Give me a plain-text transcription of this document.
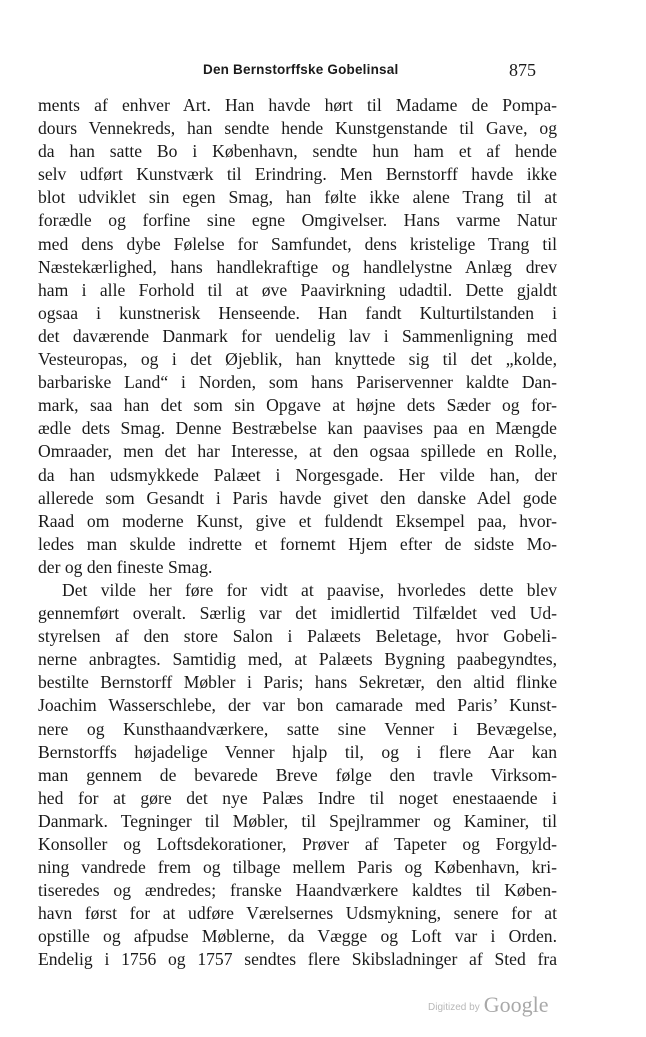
Den Bernstorffske Gobelinsal	875
ments af enhver Art. Han havde hørt til Madame de Pompa-
dours Vennekreds, han sendte hende Kunstgenstande til Gave, og
da han satte Bo i København, sendte hun ham et af hende
selv udført Kunstværk til Erindring. Men Bernstorff havde ikke
blot udviklet sin egen Smag, han følte ikke alene Trang til at
forædle og forfine sine egne Omgivelser. Hans varme Natur
med dens dybe Følelse for Samfundet, dens kristelige Trang til
Næstekærlighed, hans handlekraftige og handlelystne Anlæg drev
ham i alle Forhold til at øve Paavirkning udadtil. Dette gjaldt
ogsaa i kunstnerisk Henseende. Han fandt Kulturtilstanden i
det daværende Danmark for uendelig lav i Sammenligning med
Vesteuropas, og i det Øjeblik, han knyttede sig til det „kolde,
barbariske Land“ i Norden, som hans Pariservenner kaldte Dan-
mark, saa han det som sin Opgave at højne dets Sæder og for-
ædle dets Smag. Denne Bestræbelse kan paavises paa en Mængde
Omraader, men det har Interesse, at den ogsaa spillede en Rolle,
da han udsmykkede Palæet i Norgesgade. Her vilde han, der
allerede som Gesandt i Paris havde givet den danske Adel gode
Raad om moderne Kunst, give et fuldendt Eksempel paa, hvor-
ledes man skulde indrette et fornemt Hjem efter de sidste Mo-
der og den fineste Smag.
Det vilde her føre for vidt at paavise, hvorledes dette blev
gennemført overalt. Særlig var det imidlertid Tilfældet ved Ud-
styrelsen af den store Salon i Palæets Beletage, hvor Gobeli-
nerne anbragtes. Samtidig med, at Palæets Bygning paabegyndtes,
bestilte Bernstorff Møbler i Paris; hans Sekretær, den altid flinke
Joachim Wasserschlebe, der var bon camarade med Paris’ Kunst-
nere og Kunsthaandværkere, satte sine Venner i Bevægelse,
Bernstorffs højadelige Venner hjalp til, og i flere Aar kan
man gennem de bevarede Breve følge den travle Virksom-
hed for at gøre det nye Palæs Indre til noget enestaaende i
Danmark. Tegninger til Møbler, til Spejlrammer og Kaminer, til
Konsoller og Loftsdekorationer, Prøver af Tapeter og Forgyld-
ning vandrede frem og tilbage mellem Paris og København, kri-
tiseredes og ændredes; franske Haandværkere kaldtes til Køben-
havn først for at udføre Værelsernes Udsmykning, senere for at
opstille og afpudse Møblerne, da Vægge og Loft var i Orden.
Endelig i 1756 og 1757 sendtes flere Skibsladninger af Sted fra
Digitized by Google
